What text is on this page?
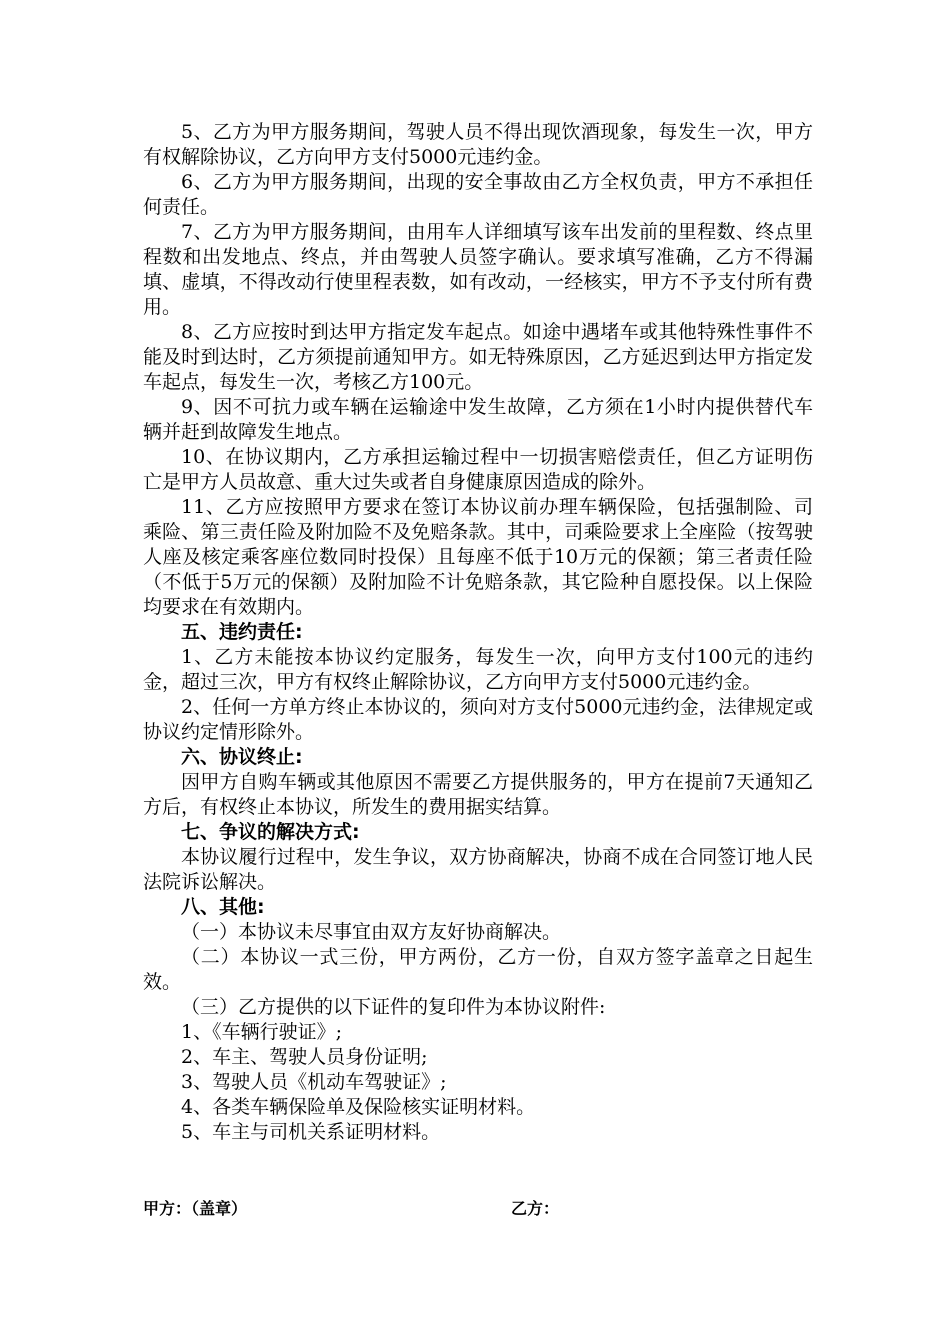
5、乙方为甲方服务期间，驾驶人员不得出现饮酒现象，每发生一次，甲方有权解除协议，乙方向甲方支付5000元违约金。

6、乙方为甲方服务期间，出现的安全事故由乙方全权负责，甲方不承担任何责任。

7、乙方为甲方服务期间，由用车人详细填写该车出发前的里程数、终点里程数和出发地点、终点，并由驾驶人员签字确认。要求填写准确，乙方不得漏填、虚填，不得改动行使里程表数，如有改动，一经核实，甲方不予支付所有费用。

8、乙方应按时到达甲方指定发车起点。如途中遇堵车或其他特殊性事件不能及时到达时，乙方须提前通知甲方。如无特殊原因，乙方延迟到达甲方指定发车起点，每发生一次，考核乙方100元。

9、因不可抗力或车辆在运输途中发生故障，乙方须在1小时内提供替代车辆并赶到故障发生地点。

10、在协议期内，乙方承担运输过程中一切损害赔偿责任，但乙方证明伤亡是甲方人员故意、重大过失或者自身健康原因造成的除外。

11、乙方应按照甲方要求在签订本协议前办理车辆保险，包括强制险、司乘险、第三责任险及附加险不及免赔条款。其中，司乘险要求上全座险（按驾驶人座及核定乘客座位数同时投保）且每座不低于10万元的保额；第三者责任险（不低于5万元的保额）及附加险不计免赔条款，其它险种自愿投保。以上保险均要求在有效期内。

五、违约责任:

1、乙方未能按本协议约定服务，每发生一次，向甲方支付100元的违约金，超过三次，甲方有权终止解除协议，乙方向甲方支付5000元违约金。

2、任何一方单方终止本协议的，须向对方支付5000元违约金，法律规定或协议约定情形除外。

六、协议终止:

因甲方自购车辆或其他原因不需要乙方提供服务的，甲方在提前7天通知乙方后，有权终止本协议，所发生的费用据实结算。

七、争议的解决方式:

本协议履行过程中，发生争议，双方协商解决，协商不成在合同签订地人民法院诉讼解决。

八、其他:

（一）本协议未尽事宜由双方友好协商解决。

（二）本协议一式三份，甲方两份，乙方一份，自双方签字盖章之日起生效。

（三）乙方提供的以下证件的复印件为本协议附件:

1、《车辆行驶证》;

2、车主、驾驶人员身份证明;

3、驾驶人员《机动车驾驶证》;

4、各类车辆保险单及保险核实证明材料。

5、车主与司机关系证明材料。

甲方：（盖章）	乙方：
